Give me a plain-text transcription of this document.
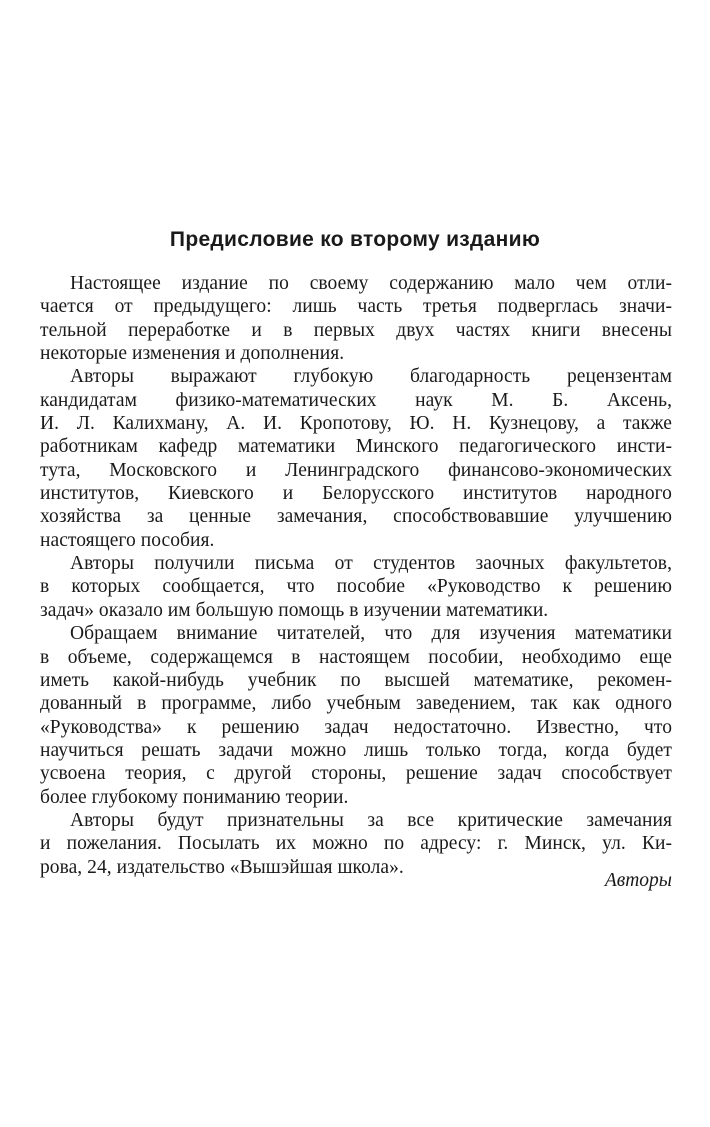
Предисловие ко второму изданию
Настоящее издание по своему содержанию мало чем отли-
чается от предыдущего: лишь часть третья подверглась значи-
тельной переработке и в первых двух частях книги внесены
некоторые изменения и дополнения.
Авторы выражают глубокую благодарность рецензентам
кандидатам физико-математических наук М. Б. Аксень,
И. Л. Калихману, А. И. Кропотову, Ю. Н. Кузнецову, а также
работникам кафедр математики Минского педагогического инсти-
тута, Московского и Ленинградского финансово-экономических
институтов, Киевского и Белорусского институтов народного
хозяйства за ценные замечания, способствовавшие улучшению
настоящего пособия.
Авторы получили письма от студентов заочных факультетов,
в которых сообщается, что пособие «Руководство к решению
задач» оказало им большую помощь в изучении математики.
Обращаем внимание читателей, что для изучения математики
в объеме, содержащемся в настоящем пособии, необходимо еще
иметь какой-нибудь учебник по высшей математике, рекомен-
дованный в программе, либо учебным заведением, так как одного
«Руководства» к решению задач недостаточно. Известно, что
научиться решать задачи можно лишь только тогда, когда будет
усвоена теория, с другой стороны, решение задач способствует
более глубокому пониманию теории.
Авторы будут признательны за все критические замечания
и пожелания. Посылать их можно по адресу: г. Минск, ул. Ки-
рова, 24, издательство «Вышэйшая школа».
Авторы
